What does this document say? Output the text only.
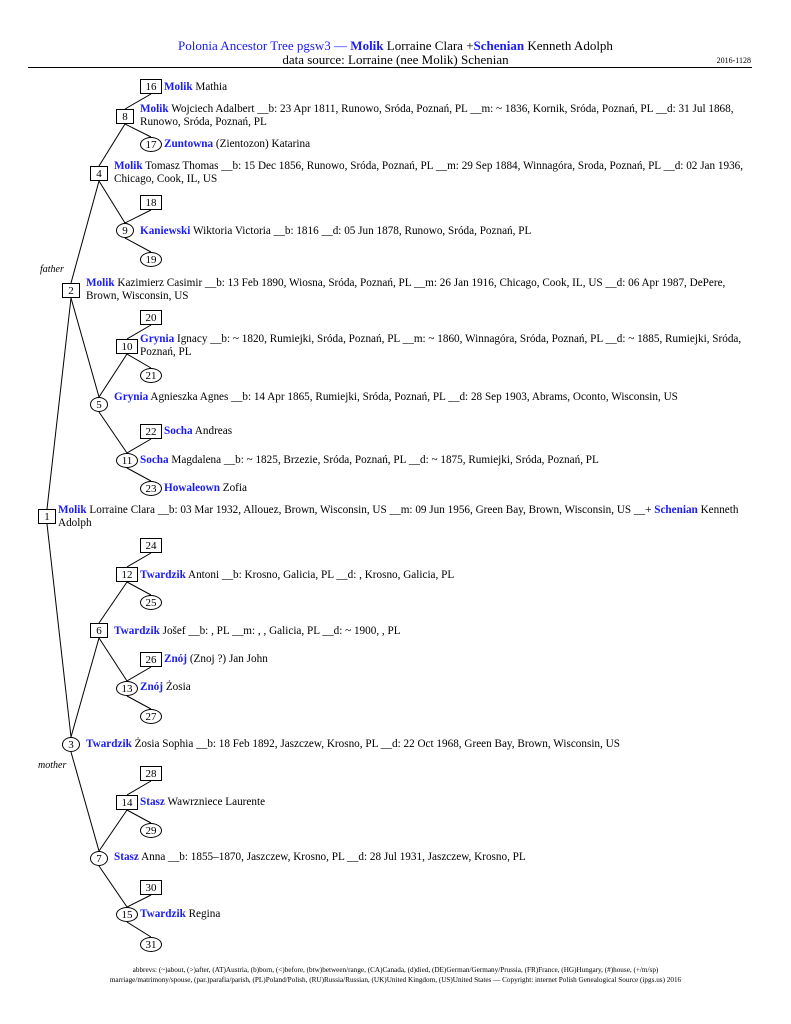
Polonia Ancestor Tree pgsw3 — Molik Lorraine Clara +Schenian Kenneth Adolph
data source: Lorraine (nee Molik) Schenian	2016-1128
1
Molik Lorraine Clara __b: 03 Mar 1932, Allouez, Brown, Wisconsin, US __m: 09 Jun 1956, Green Bay, Brown, Wisconsin, US __+ Schenian Kenneth Adolph
2
Molik Kazimierz Casimir __b: 13 Feb 1890, Wiosna, Sróda, Poznań, PL __m: 26 Jan 1916, Chicago, Cook, IL, US __d: 06 Apr 1987, DePere, Brown, Wisconsin, US
3	Twardzik Żosia Sophia __b: 18 Feb 1892, Jaszczew, Krosno, PL __d: 22 Oct 1968, Green Bay, Brown, Wisconsin, US
4
Molik Tomasz Thomas __b: 15 Dec 1856, Runowo, Sróda, Poznań, PL __m: 29 Sep 1884, Winnagóra, Sroda, Poznań, PL __d: 02 Jan 1936, Chicago, Cook, IL, US
5
Grynia Agnieszka Agnes __b: 14 Apr 1865, Rumiejki, Sróda, Poznań, PL __d: 28 Sep 1903, Abrams, Oconto, Wisconsin, US
6	Twardzik Jošef __b: , PL __m: , , Galicia, PL __d: ~ 1900, , PL
7	Stasz Anna __b: 1855–1870, Jaszczew, Krosno, PL __d: 28 Jul 1931, Jaszczew, Krosno, PL
8
Molik Wojciech Adalbert __b: 23 Apr 1811, Runowo, Sróda, Poznań, PL __m: ~ 1836, Kornik, Sróda, Poznań, PL __d: 31 Jul 1868, Runowo, Sróda, Poznań, PL
9	Kaniewski Wiktoria Victoria __b: 1816 __d: 05 Jun 1878, Runowo, Sróda, Poznań, PL
10
Grynia Ignacy __b: ~ 1820, Rumiejki, Sróda, Poznań, PL __m: ~ 1860, Winnagóra, Sróda, Poznań, PL __d: ~ 1885, Rumiejki, Sróda, Poznań, PL
11 Socha Magdalena __b: ~ 1825, Brzezie, Sróda, Poznań, PL __d: ~ 1875, Rumiejki, Sróda, Poznań, PL
12 Twardzik Antoni __b: Krosno, Galicia, PL __d: , Krosno, Galicia, PL
13 Znój Żosia
14 Stasz Wawrzniece Laurente
15 Twardzik Regina
16 Molik Mathia
17 Zuntowna (Zientozon) Katarina
18
19
20
21
22 Socha Andreas
23 Howaleown Zofia
24
25
26 Znój (Znoj ?) Jan John
27
28
29
30
31
father
mother
abbrevs: (~)about, (>)after, (AT)Austria, (b)born, (<)before, (btw)between/range, (CA)Canada, (d)died, (DE)German/Germany/Prussia, (FR)France, (HG)Hungary, (#)house, (+/m/sp)
marriage/matrimony/spouse, (par.)parafia/parish, (PL)Poland/Polish, (RU)Russia/Russian, (UK)United Kingdom, (US)United States — Copyright: internet Polish Genealogical Source (ipgs.us) 2016
